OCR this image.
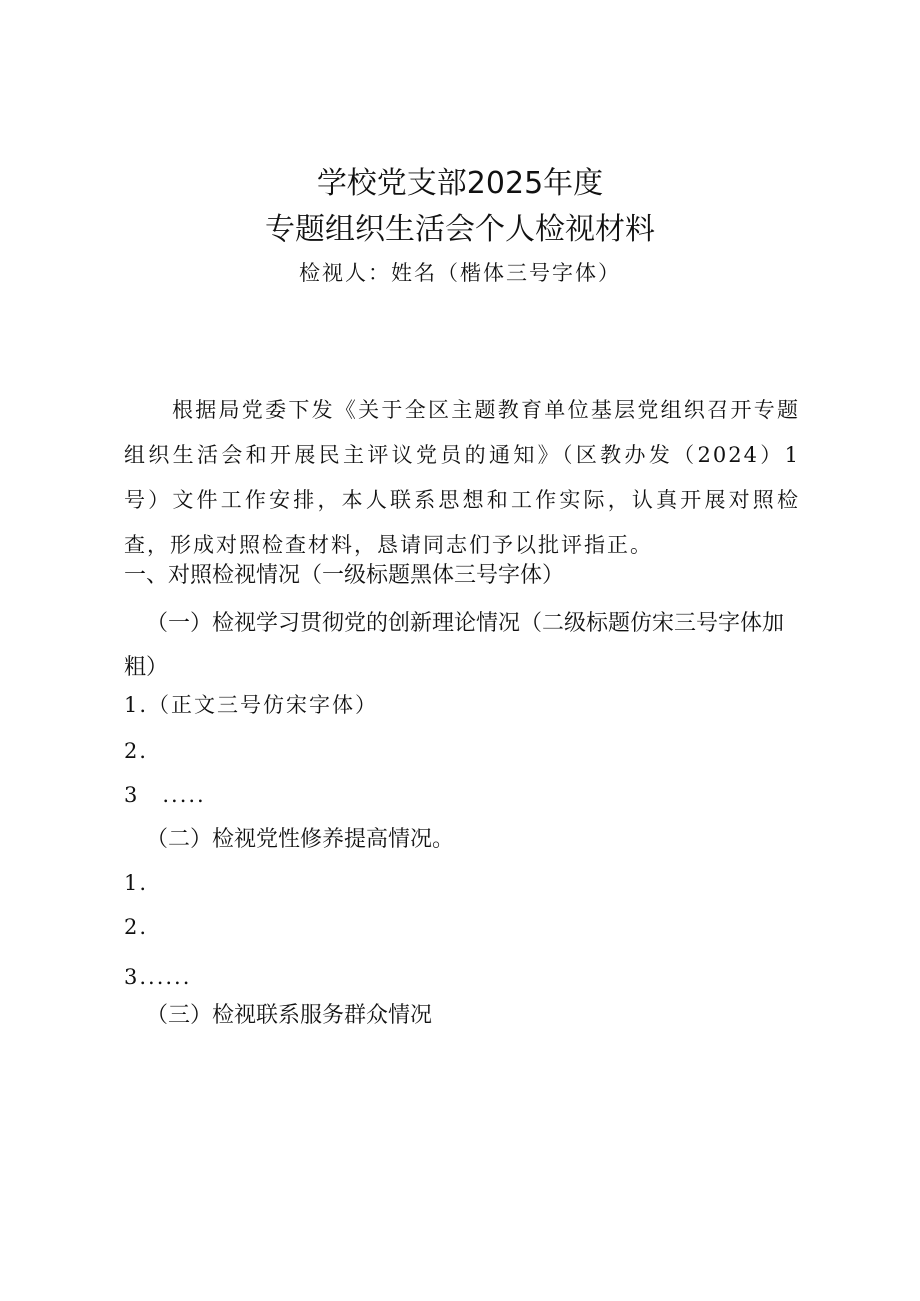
学校党支部2025年度
专题组织生活会个人检视材料
检视人：姓名（楷体三号字体）

根据局党委下发《关于全区主题教育单位基层党组织召开专题组织生活会和开展民主评议党员的通知》（区教办发（2024）1号）文件工作安排，本人联系思想和工作实际，认真开展对照检查，形成对照检查材料，恳请同志们予以批评指正。

一、对照检视情况（一级标题黑体三号字体）

（一）检视学习贯彻党的创新理论情况（二级标题仿宋三号字体加粗）

1.（正文三号仿宋字体）
2．
3　.....
（二）检视党性修养提高情况。
1.
2.
3......
（三）检视联系服务群众情况
